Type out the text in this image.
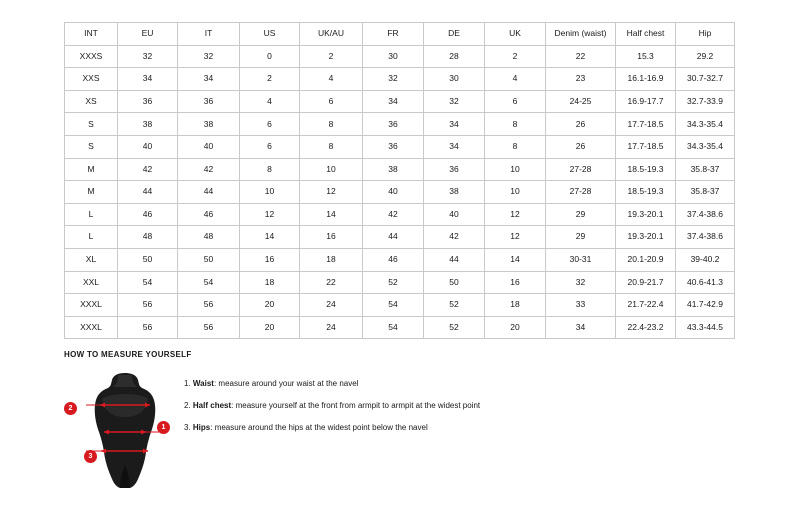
INT	EU	IT	US	UK/AU	FR	DE	UK	Denim (waist)	Half chest	Hip
XXXS	32	32	0	2	30	28	2	22	15.3	29.2
XXS	34	34	2	4	32	30	4	23	16.1-16.9	30.7-32.7
XS	36	36	4	6	34	32	6	24-25	16.9-17.7	32.7-33.9
S	38	38	6	8	36	34	8	26	17.7-18.5	34.3-35.4
S	40	40	6	8	36	34	8	26	17.7-18.5	34.3-35.4
M	42	42	8	10	38	36	10	27-28	18.5-19.3	35.8-37
M	44	44	10	12	40	38	10	27-28	18.5-19.3	35.8-37
L	46	46	12	14	42	40	12	29	19.3-20.1	37.4-38.6
L	48	48	14	16	44	42	12	29	19.3-20.1	37.4-38.6
XL	50	50	16	18	46	44	14	30-31	20.1-20.9	39-40.2
XXL	54	54	18	22	52	50	16	32	20.9-21.7	40.6-41.3
XXXL	56	56	20	24	54	52	18	33	21.7-22.4	41.7-42.9
XXXL	56	56	20	24	54	52	20	34	22.4-23.2	43.3-44.5
HOW TO MEASURE YOURSELF
1
2
3
1. Waist: measure around your waist at the navel
2. Half chest: measure yourself at the front from armpit to armpit at the widest point
3. Hips: measure around the hips at the widest point below the navel
